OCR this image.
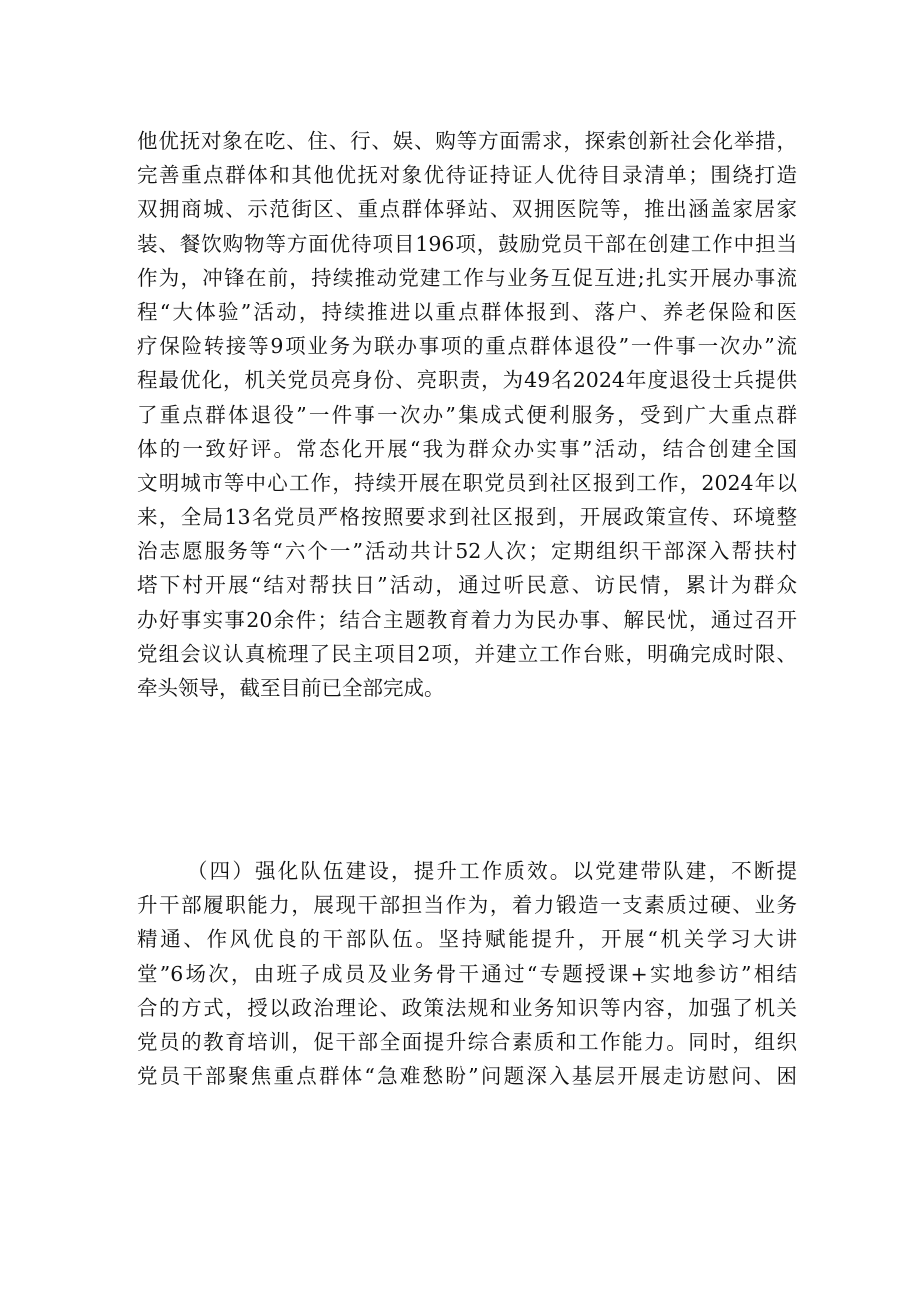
他优抚对象在吃、住、行、娱、购等方面需求，探索创新社会化举措，
完善重点群体和其他优抚对象优待证持证人优待目录清单；围绕打造
双拥商城、示范街区、重点群体驿站、双拥医院等，推出涵盖家居家
装、餐饮购物等方面优待项目196项，鼓励党员干部在创建工作中担当
作为，冲锋在前，持续推动党建工作与业务互促互进;扎实开展办事流
程“大体验”活动，持续推进以重点群体报到、落户、养老保险和医
疗保险转接等9项业务为联办事项的重点群体退役”一件事一次办”流
程最优化，机关党员亮身份、亮职责，为49名2024年度退役士兵提供
了重点群体退役”一件事一次办”集成式便利服务，受到广大重点群
体的一致好评。常态化开展“我为群众办实事”活动，结合创建全国
文明城市等中心工作，持续开展在职党员到社区报到工作，2024年以
来，全局13名党员严格按照要求到社区报到，开展政策宣传、环境整
治志愿服务等“六个一”活动共计52人次；定期组织干部深入帮扶村
塔下村开展“结对帮扶日”活动，通过听民意、访民情，累计为群众
办好事实事20余件；结合主题教育着力为民办事、解民忧，通过召开
党组会议认真梳理了民主项目2项，并建立工作台账，明确完成时限、
牵头领导，截至目前已全部完成。
（四）强化队伍建设，提升工作质效。以党建带队建，不断提
升干部履职能力，展现干部担当作为，着力锻造一支素质过硬、业务
精通、作风优良的干部队伍。坚持赋能提升，开展“机关学习大讲
堂”6场次，由班子成员及业务骨干通过“专题授课+实地参访”相结
合的方式，授以政治理论、政策法规和业务知识等内容，加强了机关
党员的教育培训，促干部全面提升综合素质和工作能力。同时，组织
党员干部聚焦重点群体“急难愁盼”问题深入基层开展走访慰问、困
